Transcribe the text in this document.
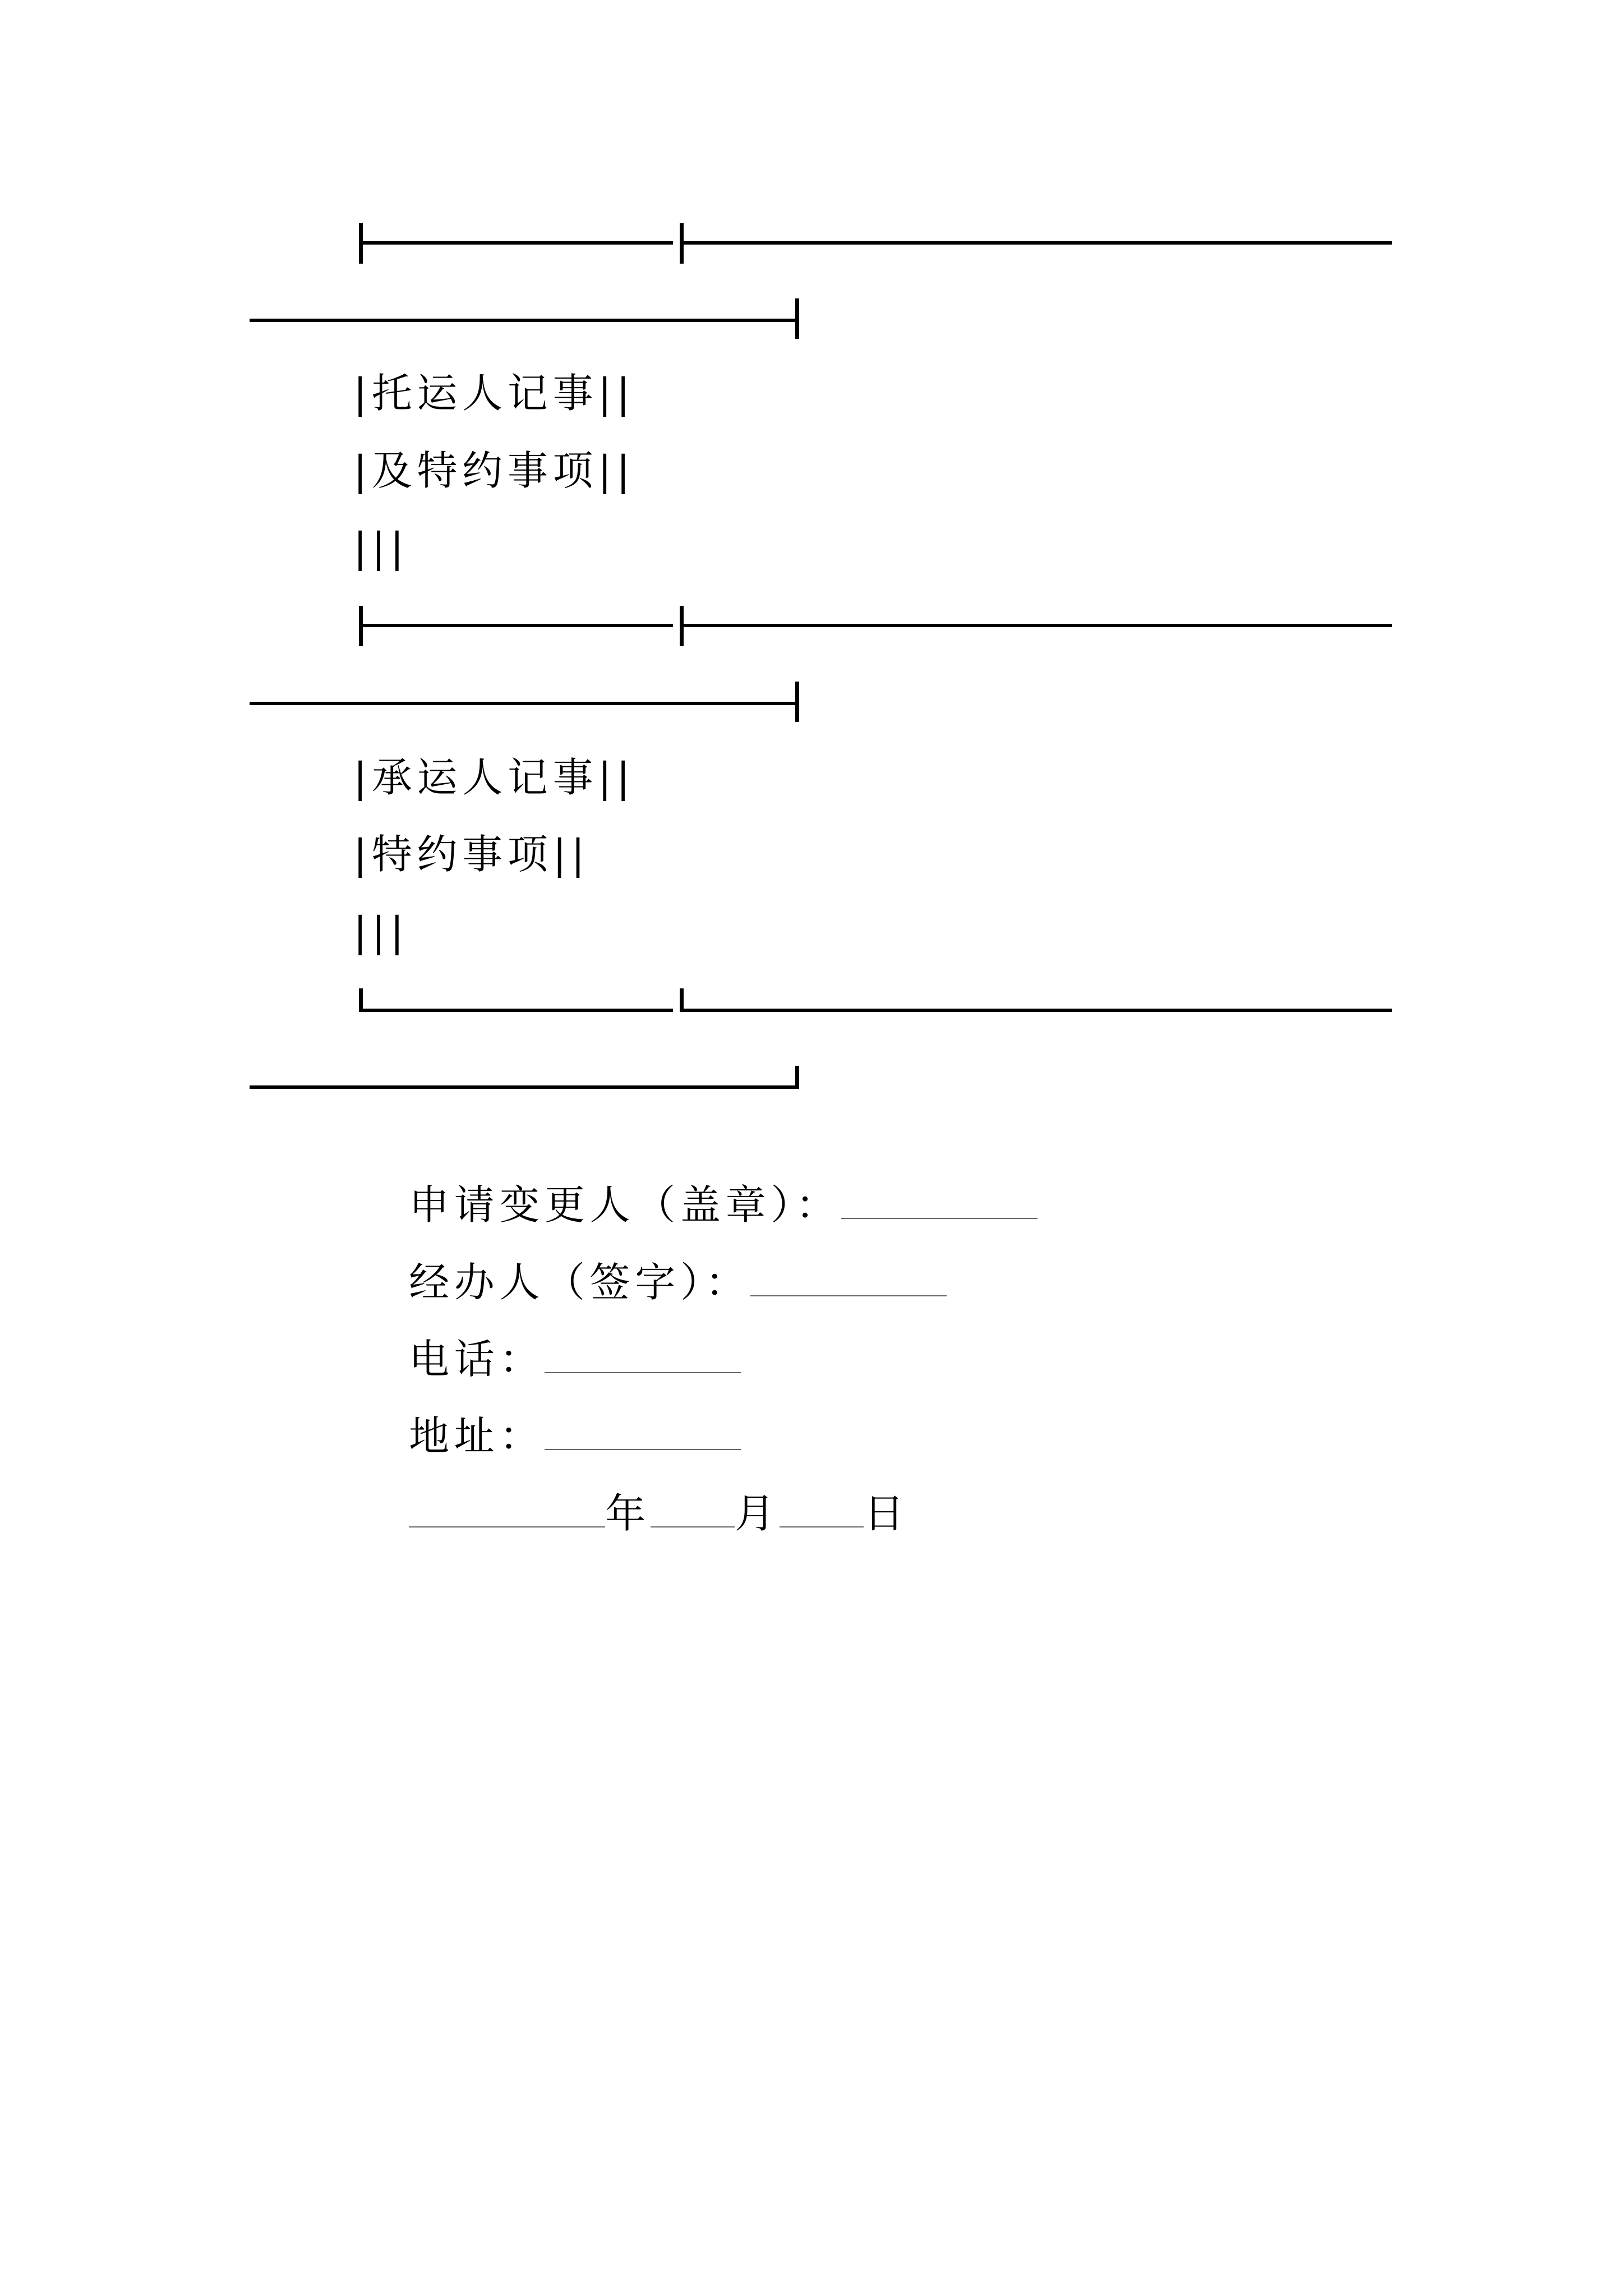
|托运人记事||
|及特约事项||
|||
|承运人记事||
|特约事项||
|||

申请变更人（盖章）：

经办人（签字）：

电话：

地址：

年 月 日
